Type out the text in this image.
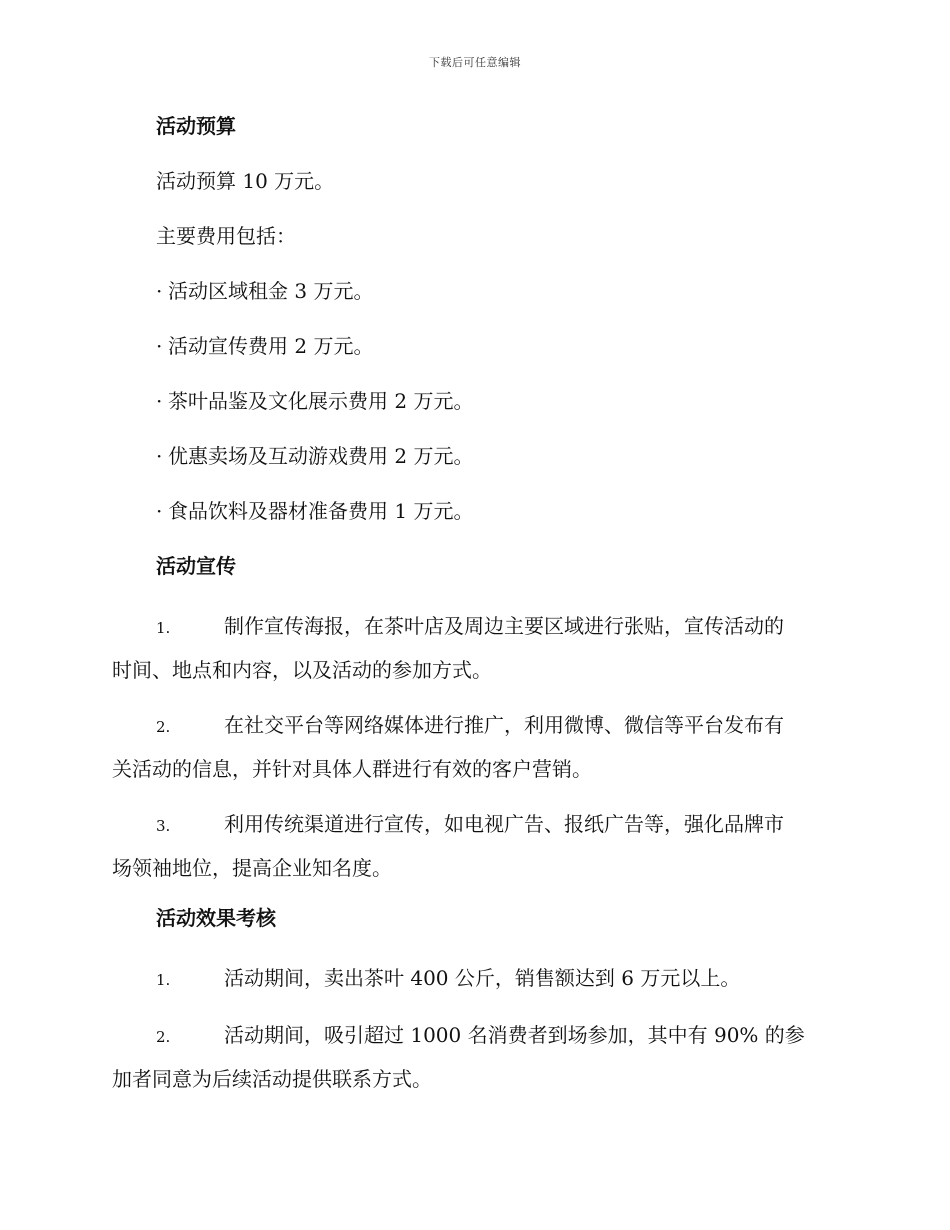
下载后可任意编辑
活动预算
活动预算 10 万元。
主要费用包括：
· 活动区域租金 3 万元。
· 活动宣传费用 2 万元。
· 茶叶品鉴及文化展示费用 2 万元。
· 优惠卖场及互动游戏费用 2 万元。
· 食品饮料及器材准备费用 1 万元。
活动宣传
1.	制作宣传海报，在茶叶店及周边主要区域进行张贴，宣传活动的
时间、地点和内容，以及活动的参加方式。
2.	在社交平台等网络媒体进行推广，利用微博、微信等平台发布有
关活动的信息，并针对具体人群进行有效的客户营销。
3.	利用传统渠道进行宣传，如电视广告、报纸广告等，强化品牌市
场领袖地位，提高企业知名度。
活动效果考核
1.	活动期间，卖出茶叶 400 公斤，销售额达到 6 万元以上。
2.	活动期间，吸引超过 1000 名消费者到场参加，其中有 90% 的参
加者同意为后续活动提供联系方式。
